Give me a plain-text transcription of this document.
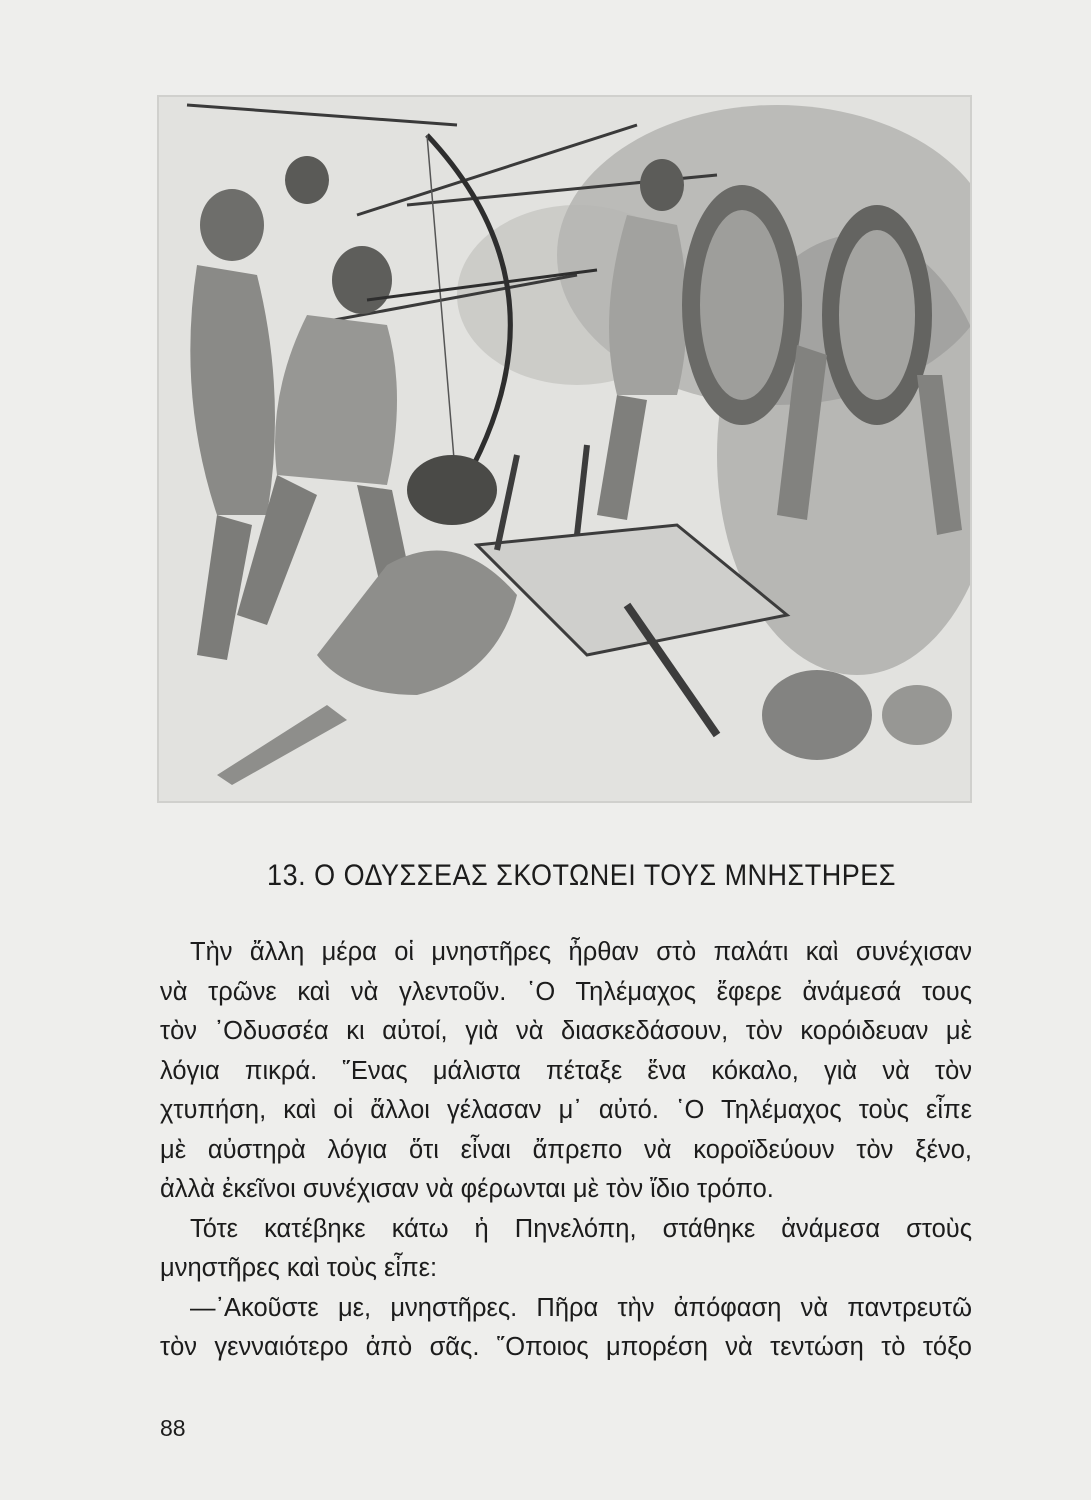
13. Ο ΟΔΥΣΣΕΑΣ ΣΚΟΤΩΝΕΙ ΤΟΥΣ ΜΝΗΣΤΗΡΕΣ
Τὴν ἄλλη μέρα οἱ μνηστῆρες ἦρθαν στὸ παλάτι καὶ συνέχισαν
νὰ τρῶνε καὶ νὰ γλεντοῦν. ῾Ο Τηλέμαχος ἔφερε ἀνάμεσά τους
τὸν ᾿Οδυσσέα κι αὐτοί, γιὰ νὰ διασκεδάσουν, τὸν κορόιδευαν μὲ
λόγια πικρά. ῞Ενας μάλιστα πέταξε ἕνα κόκαλο, γιὰ νὰ τὸν
χτυπήση, καὶ οἱ ἄλλοι γέλασαν μ᾿ αὐτό. ῾Ο Τηλέμαχος τοὺς εἶπε
μὲ αὐστηρὰ λόγια ὅτι εἶναι ἄπρεπο νὰ κοροϊδεύουν τὸν ξένο,
ἀλλὰ ἐκεῖνοι συνέχισαν νὰ φέρωνται μὲ τὸν ἴδιο τρόπο.
Τότε κατέβηκε κάτω ἡ Πηνελόπη, στάθηκε ἀνάμεσα στοὺς
μνηστῆρες καὶ τοὺς εἶπε:
—᾿Ακοῦστε με, μνηστῆρες. Πῆρα τὴν ἀπόφαση νὰ παντρευτῶ
τὸν γενναιότερο ἀπὸ σᾶς. ῞Οποιος μπορέση νὰ τεντώση τὸ τόξο
88
